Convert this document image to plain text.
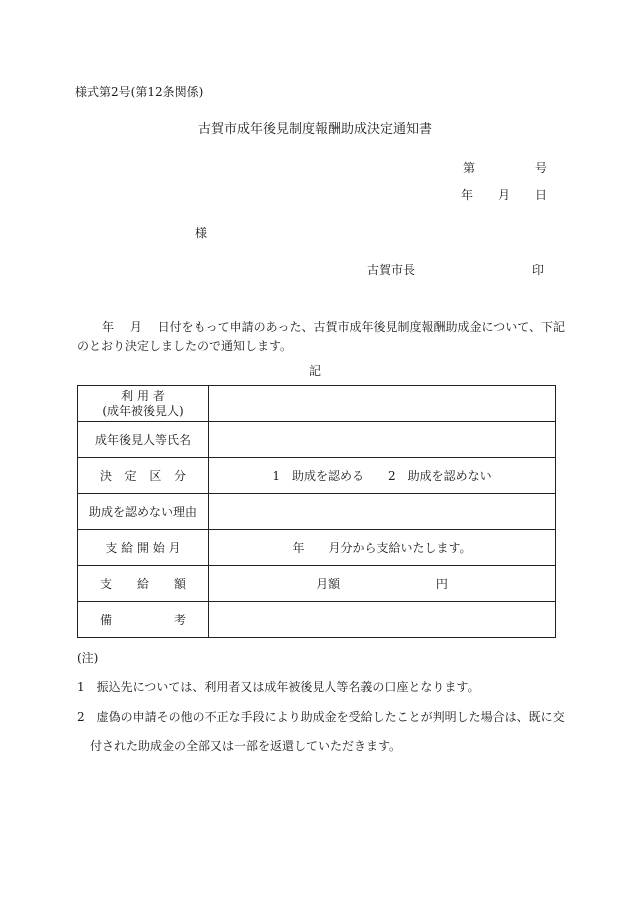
様式第2号(第12条関係)
古賀市成年後見制度報酬助成決定通知書
第	号
年 月 日
様
古賀市長	印
年　 月　 日付をもって申請のあった、古賀市成年後見制度報酬助成金について、下記
のとおり決定しましたので通知します。
記
利 用 者
(成年被後見人)	

成年後見人等氏名	

決 定 区 分	1　助成を認める　　2　助成を認めない
助成を認めない理由	
支 給 開 始 月	年　　月分から支給いたします。

支 給 額	月額 円

備 考	

(注)
1　振込先については、利用者又は成年被後見人等名義の口座となります。
2　虚偽の申請その他の不正な手段により助成金を受給したことが判明した場合は、既に交
付された助成金の全部又は一部を返還していただきます。
